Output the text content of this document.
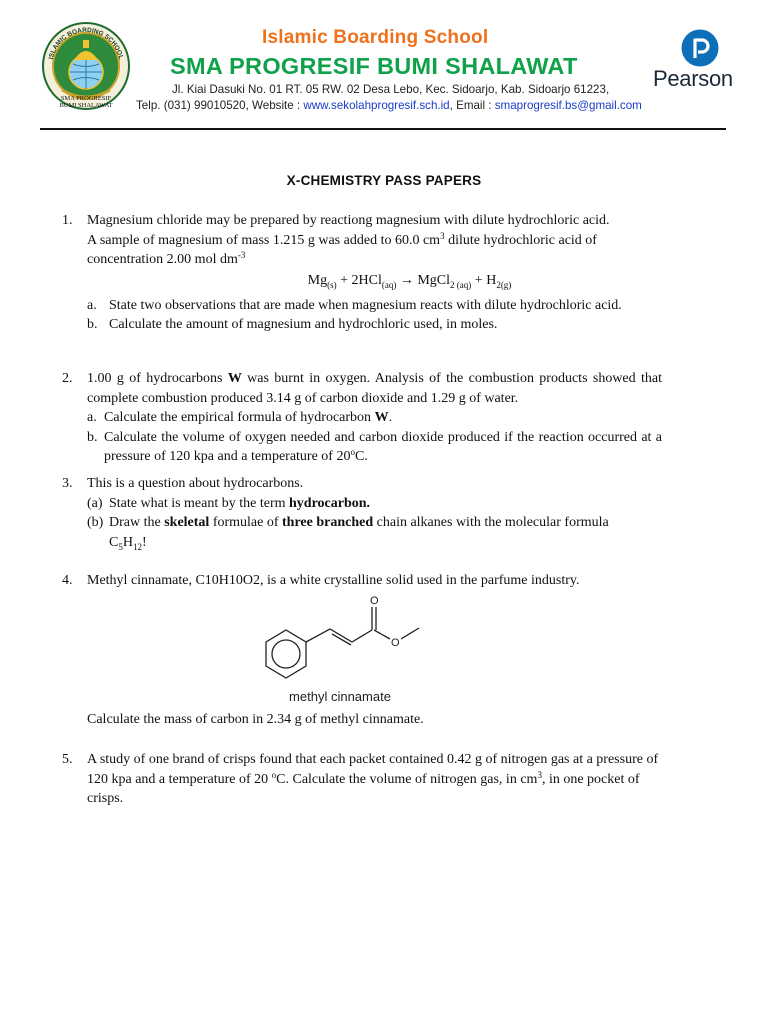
ISLAMIC BOARDING SCHOOL
SMA PROGRESIF
BUMI SHALAWAT
Islamic Boarding School
SMA PROGRESIF BUMI SHALAWAT
Jl. Kiai Dasuki No. 01 RT. 05 RW. 02 Desa Lebo, Kec. Sidoarjo, Kab. Sidoarjo 61223,
Telp. (031) 99010520, Website : www.sekolahprogresif.sch.id, Email : smaprogresif.bs@gmail.com
Pearson
X-CHEMISTRY PASS PAPERS
1. Magnesium chloride may be prepared by reactiong magnesium with dilute hydrochloric acid.
A sample of magnesium of mass 1.215 g was added to 60.0 $cm^3$ dilute hydrochloric acid of
concentration 2.00 mol $dm^{-3}$
$Mg_{(s)} + 2HCl_{(aq)}$ → MgCl$_2$ $_{(aq)} + H_{2(g)}$
a. State two observations that are made when magnesium reacts with dilute hydrochloric acid.
b. Calculate the amount of magnesium and hydrochloric used, in moles.
2. 1.00 g of hydrocarbons W was burnt in oxygen. Analysis of the combustion products showed that complete combustion produced 3.14 g of carbon dioxide and 1.29 g of water.
a. Calculate the empirical formula of hydrocarbon W.
b. Calculate the volume of oxygen needed and carbon dioxide produced if the reaction occurred at a pressure of 120 kpa and a temperature of 20$^o$C.
3. This is a question about hydrocarbons.
(a) State what is meant by the term hydrocarbon.
(b) Draw the skeletal formulae of three branched chain alkanes with the molecular formula
$C_5H_{12}$!
4. Methyl cinnamate, C10H10O2, is a white crystalline solid used in the parfume industry.
O
O
methyl cinnamate
Calculate the mass of carbon in 2.34 g of methyl cinnamate.
5. A study of one brand of crisps found that each packet contained 0.42 g of nitrogen gas at a pressure of 120 kpa and a temperature of 20 $^o$C. Calculate the volume of nitrogen gas, in $cm^3$, in one pocket of crisps.
